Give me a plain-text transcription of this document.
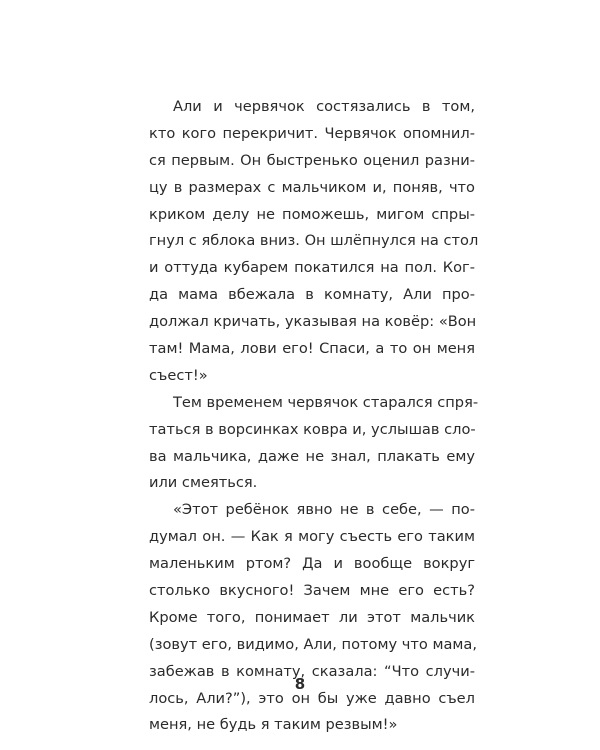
Али и червячок состязались в том,
кто кого перекричит. Червячок опомнил-
ся первым. Он быстренько оценил разни-
цу в размерах с мальчиком и, поняв, что
криком делу не поможешь, мигом спры-
гнул с яблока вниз. Он шлёпнулся на стол
и оттуда кубарем покатился на пол. Ког-
да мама вбежала в комнату, Али про-
должал кричать, указывая на ковёр: «Вон
там! Мама, лови его! Спаси, а то он меня
съест!»
Тем временем червячок старался спря-
таться в ворсинках ковра и, услышав сло-
ва мальчика, даже не знал, плакать ему
или смеяться.
«Этот ребёнок явно не в себе, — по-
думал он. — Как я могу съесть его таким
маленьким ртом? Да и вообще вокруг
столько вкусного! Зачем мне его есть?
Кроме того, понимает ли этот мальчик
(зовут его, видимо, Али, потому что мама,
забежав в комнату, сказала: “Что случи-
лось, Али?”), это он бы уже давно съел
меня, не будь я таким резвым!»
8
